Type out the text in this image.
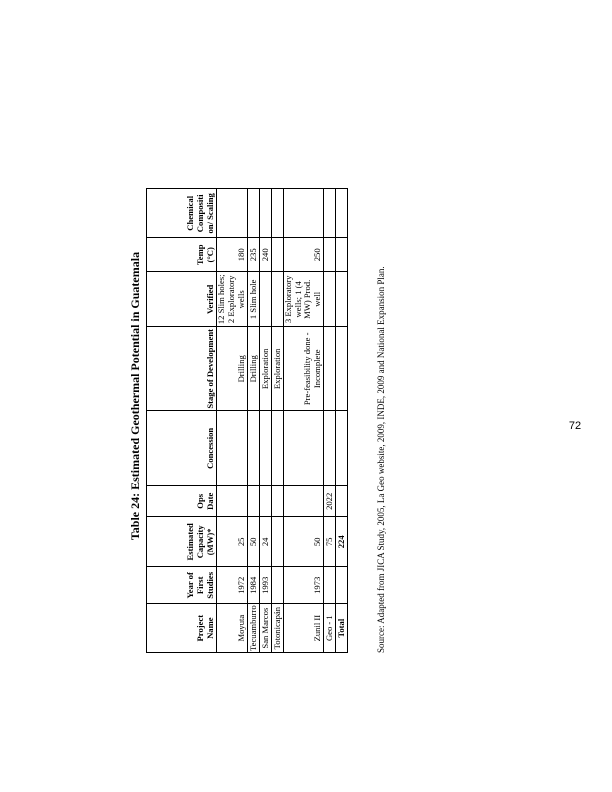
Table 24: Estimated Geothermal Potential in Guatemala
Project Name	Year of First Studies	Estimated Capacity (MW)*	Ops Date	Concession	Stage of Development	Verified	Temp (°C)	Chemical Compositi on/ Scaling
Moyuta	1972	25			Drilling	12 Slim holes; 2 Exploratory wells	180	
Tecuamburro	1984	50			Drilling	1 Slim hole	235	
San Marcos	1993	24			Exploration		240	
Totonicapán					Exploration			
Zunil II	1973	50			Pre-feasibility done - Incomplete	3 Exploratory wells; 1 (4 MW) Prod. well	250	
Geo - 1		75	2022					
Total		224							Source: Adapted from JICA Study, 2005, La Geo website, 2009, INDE, 2009 and National Expansion Plan.	72
